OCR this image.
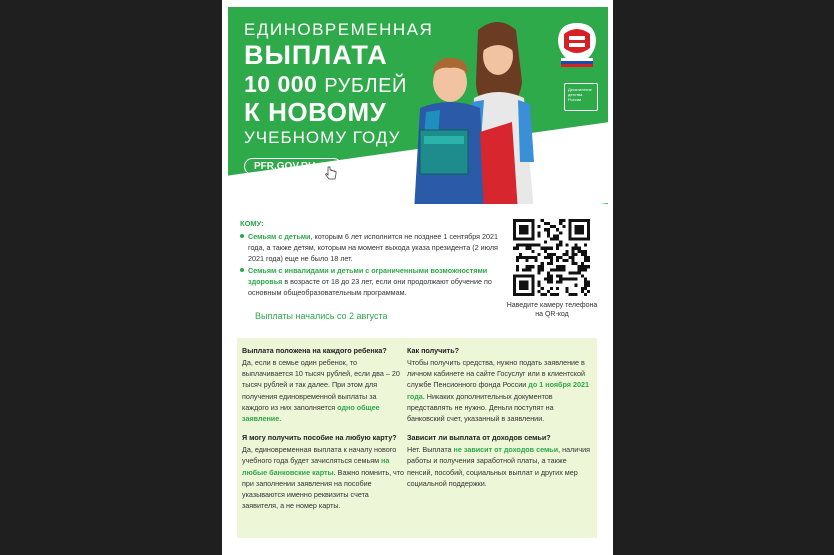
ЕДИНОВРЕМЕННАЯ
ВЫПЛАТА
10 000 РУБЛЕЙ
К НОВОМУ
УЧЕБНОМУ ГОДУ
PFR.GOV.RU
Десятилетие детства России
КОМУ:
Семьям с детьми, которым 6 лет исполнится не позднее 1 сентября 2021 года, а также детям, которым на момент выхода указа президента (2 июля 2021 года) еще не было 18 лет.
Семьям с инвалидами и детьми с ограниченными возможностями здоровья в возрасте от 18 до 23 лет, если они продолжают обучение по основным общеобразовательным программам.
Выплаты начались со 2 августа
Наведите камеру телефона на QR-код
Выплата положена на каждого ребенка?
Да, если в семье один ребенок, то выплачивается 10 тысяч рублей, если два – 20 тысяч рублей и так далее. При этом для получения единовременной выплаты за каждого из них заполняется одно общее заявление.
Я могу получить пособие на любую карту?
Да, единовременная выплата к началу нового учебного года будет зачисляться семьям на любые банковские карты. Важно помнить, что при заполнении заявления на пособие указываются именно реквизиты счета заявителя, а не номер карты.
Как получить?
Чтобы получить средства, нужно подать заявление в личном кабинете на сайте Госуслуг или в клиентской службе Пенсионного фонда России до 1 ноября 2021 года. Никаких дополнительных документов представлять не нужно. Деньги поступят на банковский счет, указанный в заявлении.
Зависит ли выплата от доходов семьи?
Нет. Выплата не зависит от доходов семьи, наличия работы и получения заработной платы, а также пенсий, пособий, социальных выплат и других мер социальной поддержки.
